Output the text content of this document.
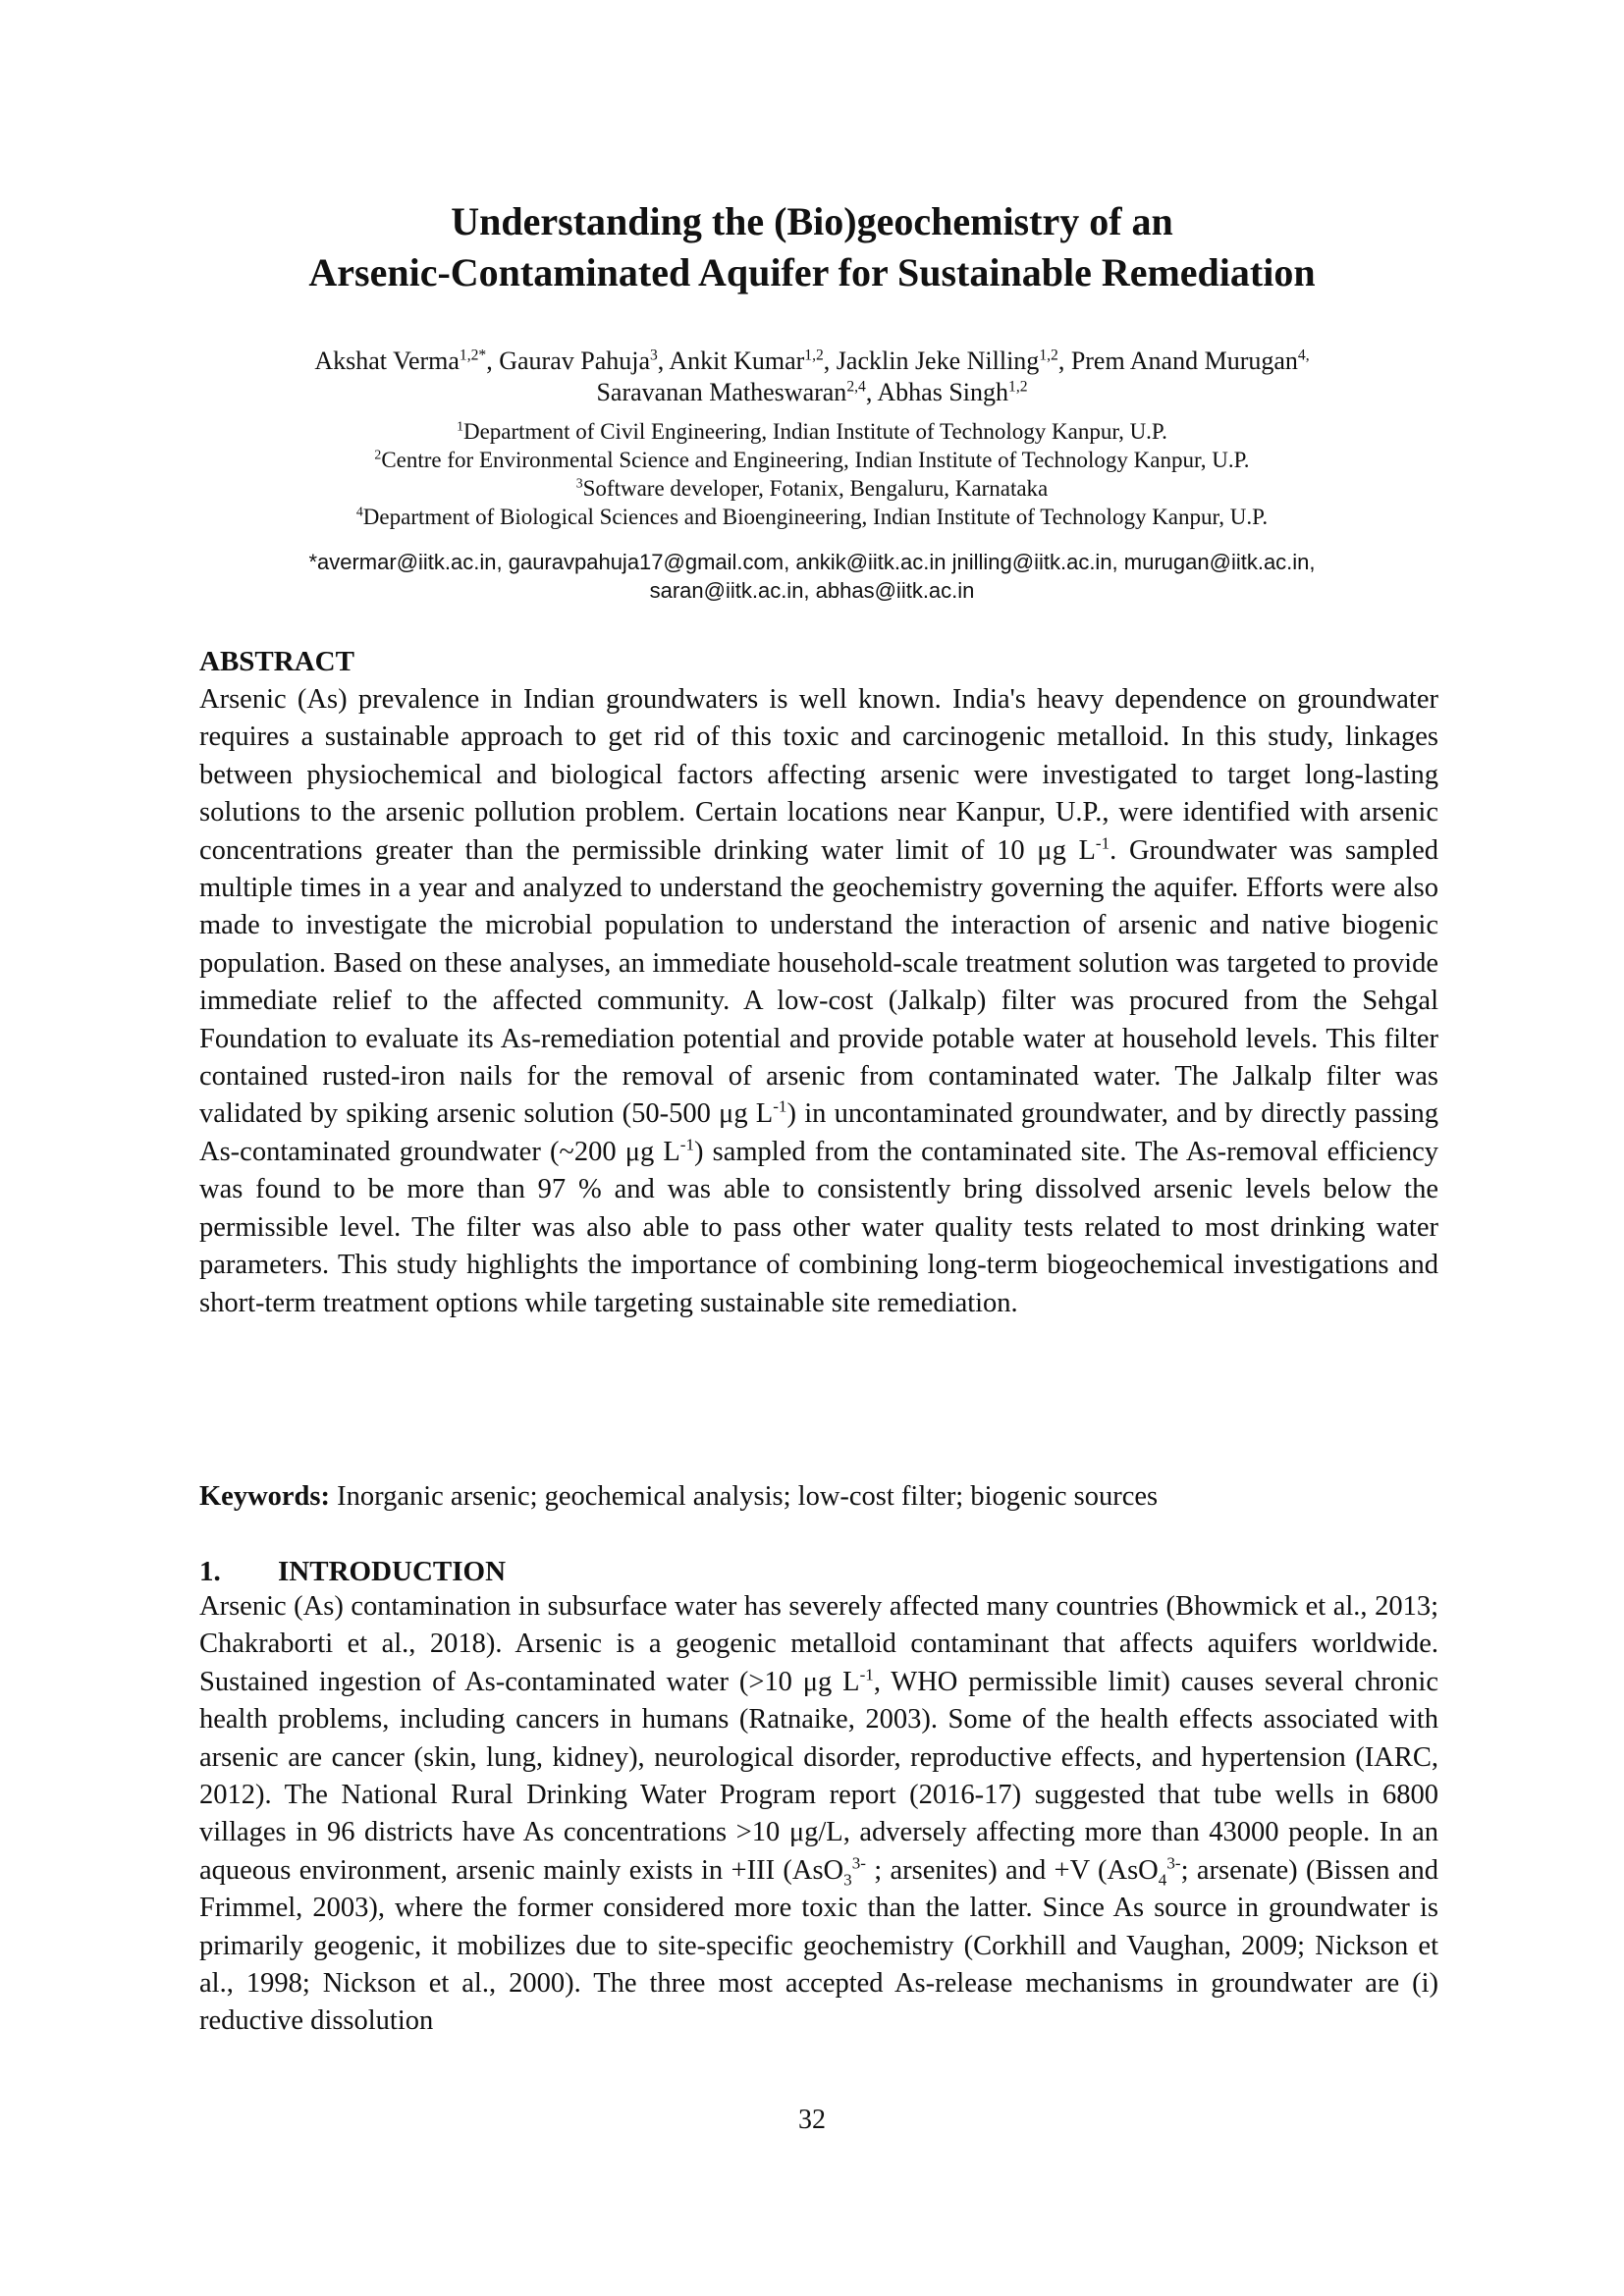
Understanding the (Bio)geochemistry of an
Arsenic-Contaminated Aquifer for Sustainable Remediation
Akshat Verma$^{1,2*}$, Gaurav Pahuja$^3$, Ankit Kumar$^{1,2}$, Jacklin Jeke Nilling$^{1,2}$, Prem Anand Murugan$^{4,}$
Saravanan Matheswaran$^{2,4}$, Abhas Singh$^{1,2}$
$^1$Department of Civil Engineering, Indian Institute of Technology Kanpur, U.P.
$^2$Centre for Environmental Science and Engineering, Indian Institute of Technology Kanpur, U.P.
$^3$Software developer, Fotanix, Bengaluru, Karnataka
$^4$Department of Biological Sciences and Bioengineering, Indian Institute of Technology Kanpur, U.P.
*avermar@iitk.ac.in, gauravpahuja17@gmail.com, ankik@iitk.ac.in jnilling@iitk.ac.in, murugan@iitk.ac.in,
saran@iitk.ac.in, abhas@iitk.ac.in
ABSTRACT

Arsenic (As) prevalence in Indian groundwaters is well known. India's heavy dependence on groundwater requires a sustainable approach to get rid of this toxic and carcinogenic metalloid. In this study, linkages between physiochemical and biological factors affecting arsenic were investigated to target long-lasting solutions to the arsenic pollution problem. Certain locations near Kanpur, U.P., were identified with arsenic concentrations greater than the permissible drinking water limit of 10 μg $L^{-1}$. Groundwater was sampled multiple times in a year and analyzed to understand the geochemistry governing the aquifer. Efforts were also made to investigate the microbial population to understand the interaction of arsenic and native biogenic population. Based on these analyses, an immediate household-scale treatment solution was targeted to provide immediate relief to the affected community. A low-cost (Jalkalp) filter was procured from the Sehgal Foundation to evaluate its As-remediation potential and provide potable water at household levels. This filter contained rusted-iron nails for the removal of arsenic from contaminated water. The Jalkalp filter was validated by spiking arsenic solution (50-500 μg $L^{-1}$) in uncontaminated groundwater, and by directly passing As-contaminated groundwater (~200 μg $L^{-1}$) sampled from the contaminated site. The As-removal efficiency was found to be more than 97 % and was able to consistently bring dissolved arsenic levels below the permissible level. The filter was also able to pass other water quality tests related to most drinking water parameters. This study highlights the importance of combining long-term biogeochemical investigations and short-term treatment options while targeting sustainable site remediation.

Keywords: Inorganic arsenic; geochemical analysis; low-cost filter; biogenic sources
1. INTRODUCTION

Arsenic (As) contamination in subsurface water has severely affected many countries (Bhowmick et al., 2013; Chakraborti et al., 2018). Arsenic is a geogenic metalloid contaminant that affects aquifers worldwide. Sustained ingestion of As-contaminated water (>10 μg $L^{-1}$, WHO permissible limit) causes several chronic health problems, including cancers in humans (Ratnaike, 2003). Some of the health effects associated with arsenic are cancer (skin, lung, kidney), neurological disorder, reproductive effects, and hypertension (IARC, 2012). The National Rural Drinking Water Program report (2016-17) suggested that tube wells in 6800 villages in 96 districts have As concentrations >10 μg/L, adversely affecting more than 43000 people. In an aqueous environment, arsenic mainly exists in +III (AsO$_3^{3-}$ ; arsenites) and +V (AsO$_4^{3-}$; arsenate) (Bissen and Frimmel, 2003), where the former considered more toxic than the latter. Since As source in groundwater is primarily geogenic, it mobilizes due to site-specific geochemistry (Corkhill and Vaughan, 2009; Nickson et al., 1998; Nickson et al., 2000). The three most accepted As-release mechanisms in groundwater are (i) reductive dissolution

32
